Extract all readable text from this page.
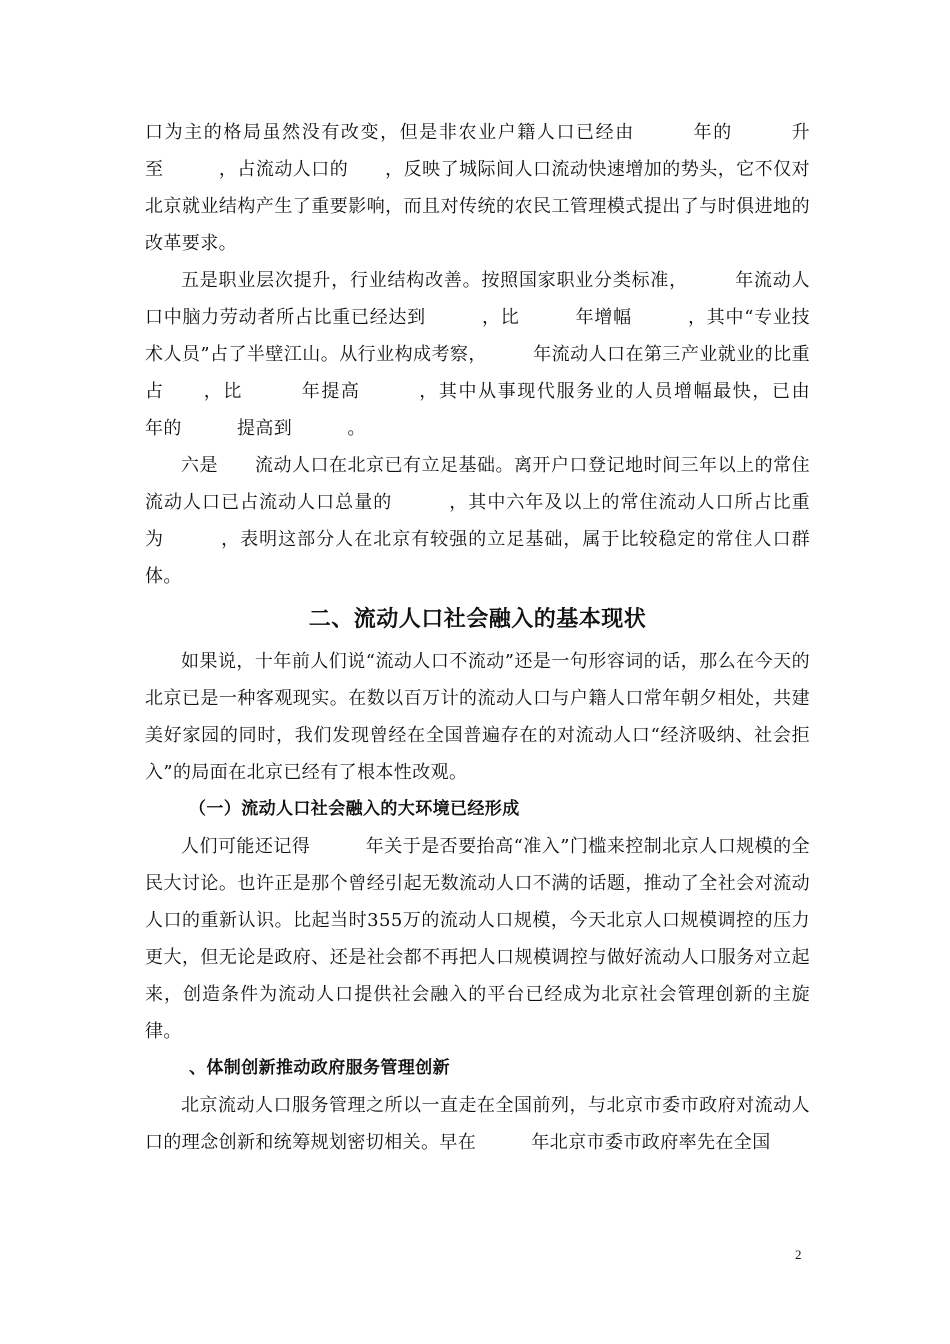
口为主的格局虽然没有改变，但是非农业户籍人口已经由　　　年的　　　升至　　　，占流动人口的　　，反映了城际间人口流动快速增加的势头，它不仅对北京就业结构产生了重要影响，而且对传统的农民工管理模式提出了与时俱进地的改革要求。

五是职业层次提升，行业结构改善。按照国家职业分类标准，　　　年流动人口中脑力劳动者所占比重已经达到　　　，比　　　年增幅　　　，其中“专业技术人员”占了半壁江山。从行业构成考察，　　　年流动人口在第三产业就业的比重占　　，比　　　年提高　　　，其中从事现代服务业的人员增幅最快，已由　　　年的　　　提高到　　　。

六是　　流动人口在北京已有立足基础。离开户口登记地时间三年以上的常住流动人口已占流动人口总量的　　　，其中六年及以上的常住流动人口所占比重为　　　，表明这部分人在北京有较强的立足基础，属于比较稳定的常住人口群体。

二、流动人口社会融入的基本现状

如果说，十年前人们说“流动人口不流动”还是一句形容词的话，那么在今天的北京已是一种客观现实。在数以百万计的流动人口与户籍人口常年朝夕相处，共建美好家园的同时，我们发现曾经在全国普遍存在的对流动人口“经济吸纳、社会拒入”的局面在北京已经有了根本性改观。

（一）流动人口社会融入的大环境已经形成

人们可能还记得　　　年关于是否要抬高“准入”门槛来控制北京人口规模的全民大讨论。也许正是那个曾经引起无数流动人口不满的话题，推动了全社会对流动人口的重新认识。比起当时355万的流动人口规模，今天北京人口规模调控的压力更大，但无论是政府、还是社会都不再把人口规模调控与做好流动人口服务对立起来，创造条件为流动人口提供社会融入的平台已经成为北京社会管理创新的主旋律。

、体制创新推动政府服务管理创新

北京流动人口服务管理之所以一直走在全国前列，与北京市委市政府对流动人口的理念创新和统筹规划密切相关。早在　　　年北京市委市政府率先在全国

2
